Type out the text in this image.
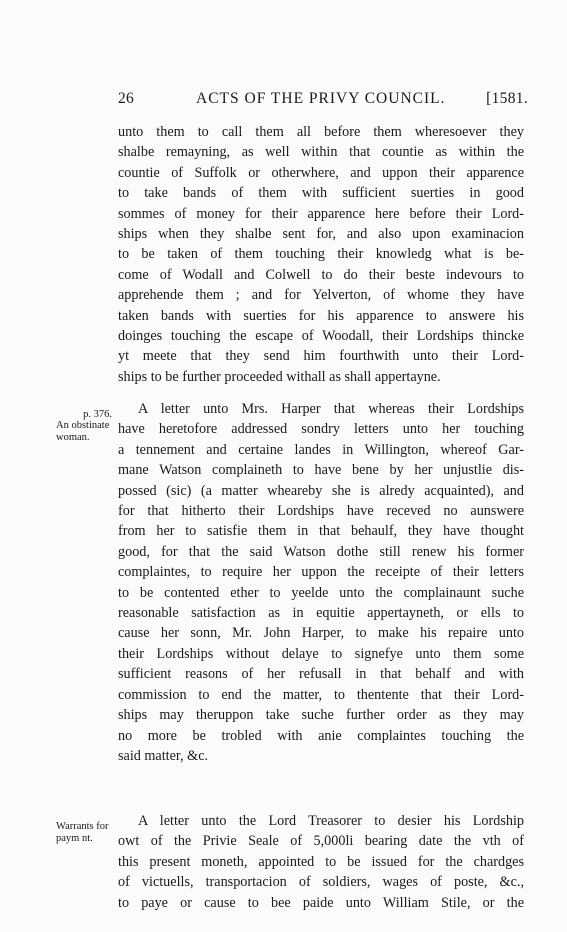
26	ACTS OF THE PRIVY COUNCIL.	[1581.
unto them to call them all before them wheresoever they
shalbe remayning, as well within that countie as within the
countie of Suffolk or otherwhere, and uppon their apparence
to take bands of them with sufficient suerties in good
sommes of money for their apparence here before their Lord-
ships when they shalbe sent for, and also upon examinacion
to be taken of them touching their knowledg what is be-
come of Wodall and Colwell to do their beste indevours to
apprehende them ; and for Yelverton, of whome they have
taken bands with suerties for his apparence to answere his
doinges touching the escape of Woodall, their Lordships thincke
yt meete that they send him fourthwith unto their Lord-
ships to be further proceeded withall as shall appertayne.
p. 376.
An obstinate
woman.
A letter unto Mrs. Harper that whereas their Lordships
have heretofore addressed sondry letters unto her touching
a tennement and certaine landes in Willington, whereof Gar-
mane Watson complaineth to have bene by her unjustlie dis-
possed (sic) (a matter wheareby she is alredy acquainted), and
for that hitherto their Lordships have receved no aunswere
from her to satisfie them in that behaulf, they have thought
good, for that the said Watson dothe still renew his former
complaintes, to require her uppon the receipte of their letters
to be contented ether to yeelde unto the complainaunt suche
reasonable satisfaction as in equitie appertayneth, or ells to
cause her sonn, Mr. John Harper, to make his repaire unto
their Lordships without delaye to signefye unto them some
sufficient reasons of her refusall in that behalf and with
commission to end the matter, to thentente that their Lord-
ships may theruppon take suche further order as they may
no more be trobled with anie complaintes touching the
said matter, &c.
Warrants for
paym nt.
A letter unto the Lord Treasorer to desier his Lordship
owt of the Privie Seale of 5,000li bearing date the vth of
this present moneth, appointed to be issued for the chardges
of victuells, transportacion of soldiers, wages of poste, &c.,
to paye or cause to bee paide unto William Stile, or the
